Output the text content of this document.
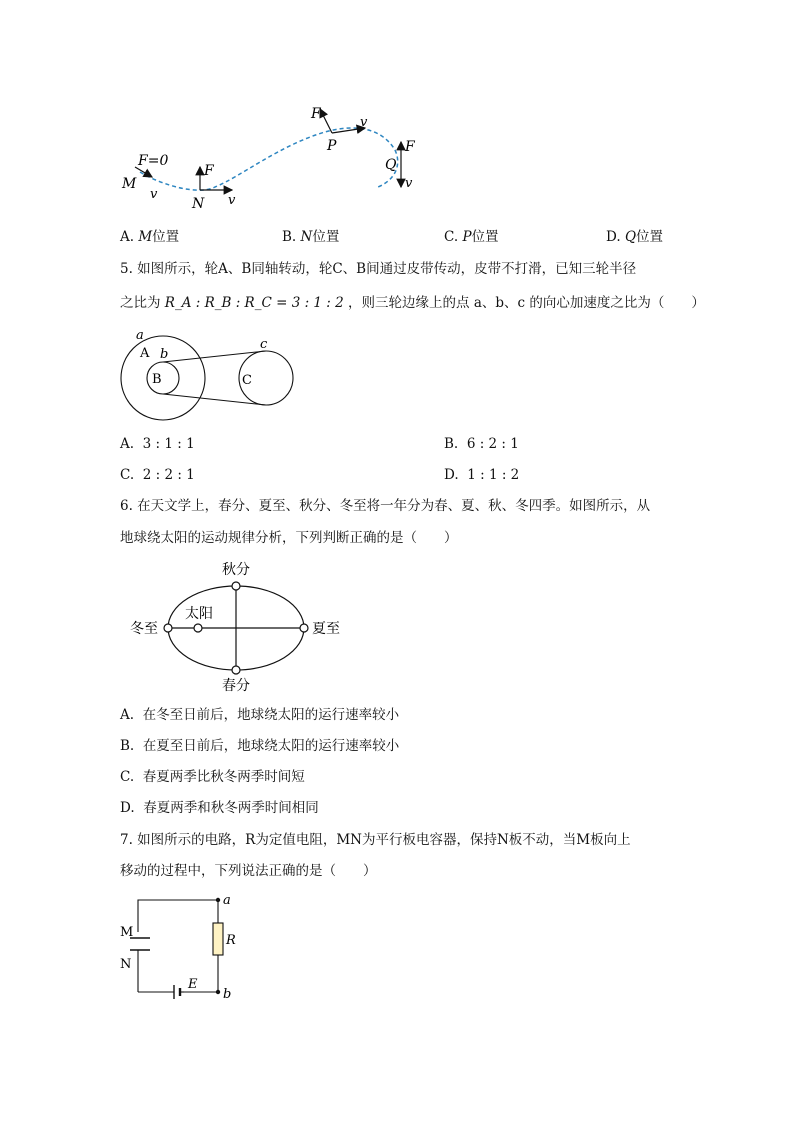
F=0
M
v
F
N v
F
v
P	F
Q
v
A. M位置	B. N位置	C. P位置	D. Q位置
5. 如图所示，轮A、B同轴转动，轮C、B间通过皮带传动，皮带不打滑，已知三轮半径
之比为 R_A : R_B : R_C = 3 : 1 : 2 ，则三轮边缘上的点 a、b、c 的向心加速度之比为（　　）
a
A b
B
c
C
A. 3 : 1 : 1	B. 6 : 2 : 1
C. 2 : 2 : 1	D. 1 : 1 : 2
6. 在天文学上，春分、夏至、秋分、冬至将一年分为春、夏、秋、冬四季。如图所示，从
地球绕太阳的运动规律分析，下列判断正确的是（　　）
秋分
太阳
冬至	夏至
春分
A. 在冬至日前后，地球绕太阳的运行速率较小
B. 在夏至日前后，地球绕太阳的运行速率较小
C. 春夏两季比秋冬两季时间短
D. 春夏两季和秋冬两季时间相同
7. 如图所示的电路，R为定值电阻，MN为平行板电容器，保持N板不动，当M板向上
移动的过程中，下列说法正确的是（　　）
a
R
M
N
E
b
